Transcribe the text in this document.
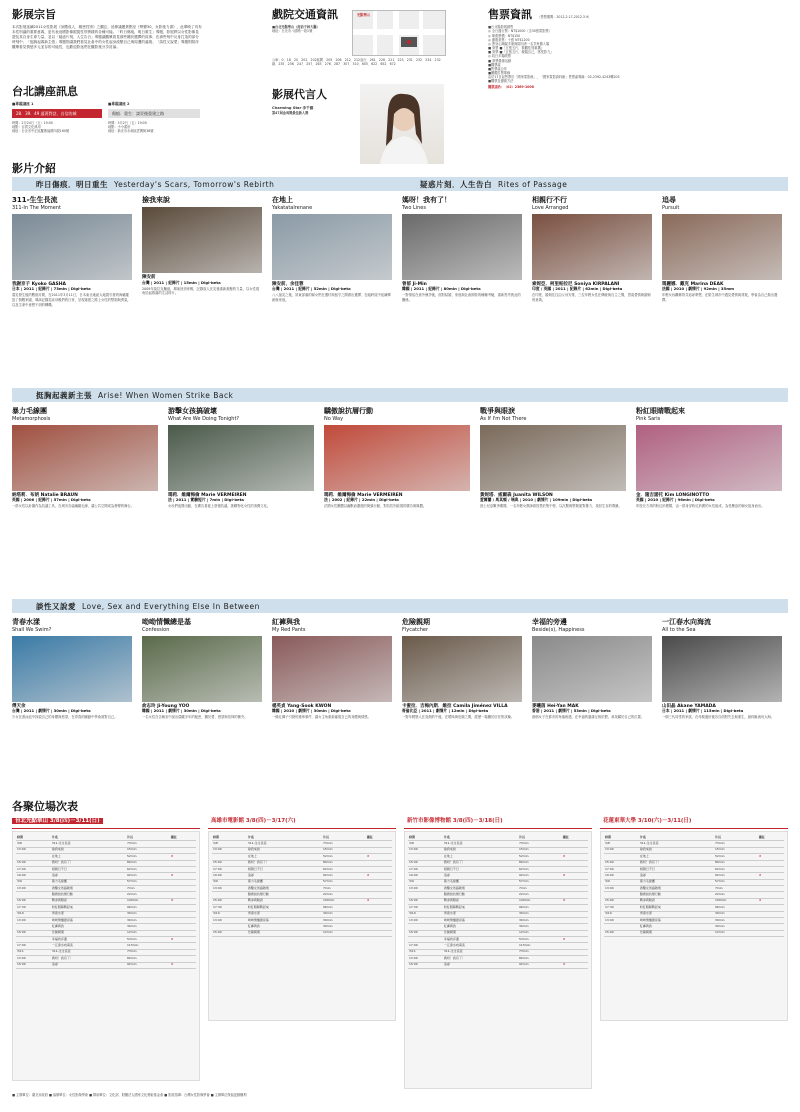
影展宗旨
本次影展延續2011女性影展《身體成人．親密性別》之觀注，延伸議題焦點至《勢變30，女影後力書》，此單映了具有本性別議的重要意義，更代表這國影像跟寬性別實踐的各種可能。「昨日傷痕，明日重生」專題，影展將以女性影像見證及其自身生命力量，並以「疑惑片刻，人生告白」專題讓觀眾看見那些關於選擇的故事；在那些刻中反身打造的部分時刻中；「挺胸起義新主張」專題則讓我們看見社會中的女性起身改變自己與周遭的處境；「談性又說愛」專題則陪伴觀眾看見情慾多元並存的可能性，也歡迎影迷們在觀影後分享討論。
台北講座訊息
■專題講座 1
28．39．49 逼著對話，自信的城
時間：2月24日（五）19:00
地點：百貨文化典用
地址：台北市中正區羅斯福路四段160號
■專題講座 2
傷痕．重生：談災後重建之路
時間：3月2日（五）19:00
地點：小小書房
地址：新北市永和區雲興街38號
戲院交通資訊
■台北光點華山（府前子林大廳）
地址：台北市八德路一段1號
光點華山
公車：0．18．20．202．202區間．205．206．212．212直行．261．226．221．223．231．232．234．232副．235．236．247．257．263．276．287．307．310．605．622．652．672
影展代言人
Charming Star 李千娜
第47屆金馬獎最佳新人獎
售票資訊 （售票期間：2012.2.17-2012.3.9）
■台北場影展銷售
◎ 全日通行票：NT$1000（含30張電影票）
◎ 單張票價：NT$150
◎ 優惠套票：十張 NT$1200
◎ 憑身心障礙手冊與陪同者一名享免費入場
■ 套票 ■『五張五片，微觀性別重構』
■ 套票 ■『五張五片，親臨自己，感受影力』
◎ 同日多場戲票
■ 套票優惠活動
■購票處
■售票處合作
■團體訂票專線
由於17日起售票於「國家電影館」，「國家電影資料館」售票處專線：02-2392-4243轉203
■購票及優惠方法
購票請洽：（02）2369-1006
影片介紹
昨日傷痕．明日重生 Yesterday's Scars, Tomorrow's Rebirth	疑惑片刻．人生告白 Rites of Passage
311-生生長流
311-In The Moment
我謝京子 Kyoko GASHA
日本 | 2011 | 紀錄片 | 73min | Digi-beta
震災發生後的數個月間，在2011年3月11日，日本東北地區大地震引發的海嘯摧毀了無數家園，導演記錄災區母親們的日常，呈現重建之路上女性的堅韌與勇氣，以及生命中意想不到的轉機。
撿我來說
陳安前
台灣 | 2011 | 紀錄片 | 15min | Digi-beta
2009年莫拉克颱風，導演回到家鄉，記錄族人在災後重新凝聚的力量，以女性視角拾起散落的生活碎片。
在地上
Yakatatalrenane
陳安前、余佳蓉
台灣 | 2011 | 紀錄片 | 52min | Digi-beta
八八風災之後，屏東部落的婦女們在遷村與留守之間做出選擇，在臨時屋中延續傳統與家庭。
媽呀！我有了！
Two Lines
曾郁 Ji-Min
韓國 | 2011 | 紀錄片 | 80min | Digi-beta
一對情侶在意外懷孕後，面對結婚、家庭與社會期待的種種考驗，重新思考彼此的關係。
相親行不行
Love Arranged
索妮亞．柯里帕拉尼 Soniya KIRPALANI
印度 / 英國 | 2011 | 紀錄片 | 62min | Digi-beta
在印度，婚姻往往由父母安排，三位年輕女性在傳統與自主之間，思索愛情與婚姻的意義。
追尋
Pursuit
瑪麗娜．戴克 Marina DEAK
法國 | 2010 | 劇情片 | 92min | 35mm
年輕女孩離鄉背井追尋夢想，在陌生城市中遇見愛情與背叛，學會為自己做出選擇。
挺胸起義新主張 Arise! When Women Strike Back
暴力毛線團
Metamorphosis
納塔莉．布朗 Natalie BRAUN
英國 | 2006 | 紀錄片 | 57min | Digi-beta
一群女性以針織作為抗議工具，在城市各處編織毛線，讓公共空間成為發聲的舞台。
游擊女孩搞破壞
What Are We Doing Tonight?
瑪莉．維爾梅倫 Marie VERMEIREN
法 | 2011 | 實驗短片 | 7min | Digi-beta
女孩們夜間出動，在廣告看板上塗鴉抗議，挑戰物化女性的消費文化。
驕傲說抗層行動
No Way
瑪莉．維爾梅倫 Marie VERMEIREN
法 | 2002 | 紀錄片 | 22min | Digi-beta
法國女性團體以幽默而激進的街頭行動，對抗性別歧視的廣告與媒體。
戰爭與眼淚
As If I'm Not There
黃妮塔．威爾森 Juanita WILSON
愛爾蘭 / 馬其頓 / 瑞典 | 2010 | 劇情片 | 109min | Digi-beta
波士尼亞戰爭期間，一名年輕女教師被囚禁於集中營，以沉默與堅韌面對暴力，找回生存的尊嚴。
粉紅眼睛戰起來
Pink Saris
金．隆吉諾托 Kim LONGINOTTO
英國 | 2010 | 紀錄片 | 96min | Digi-beta
印度北方邦的粉紅紗麗幫，由一群身穿粉紅紗麗的女性組成，為受壓迫的婦女挺身而出。
談性又說愛 Love, Sex and Everything Else In Between
青春水漾
Shall We Swim?
傅天余
台灣 | 2011 | 劇情片 | 30min | Digi-beta
少女在游泳池中探索自己的身體與慾望，在青春的躁動中學會面對自己。
呦呦情懺總是基
Confession
俞志玲 Ji-Young YOO
韓國 | 2011 | 劇情片 | 30min | Digi-beta
一名女性在告解室中說出隱藏多年的秘密，關於愛、慾望與信仰的衝突。
紅褲與我
My Red Pants
楊英貞 Yang-Sook KWON
韓國 | 2010 | 劇情片 | 30min | Digi-beta
一條紅褲子引發的連串事件，讓女主角重新審視自己的身體與情感。
危險親期
Flycatcher
卡蜜拉．吉梅內斯．維拉 Camila Jiménez VILLA
哥倫比亞 | 2011 | 劇情片 | 12min | Digi-beta
一對年輕戀人在炎熱的午後，在曖昧與危險之間，經歷一場關於信任的試煉。
幸福的旁邊
Beside(s), Happiness
麥曦茵 Hei-Yan MAK
香港 | 2011 | 劇情片 | 53min | Digi-beta
兩個女子在都市的角落相遇，在幸福的邊緣互相依偎，尋找屬於自己的位置。
一江春水向海流
All to the Sea
山田晶 Akane YAMADA
日本 | 2011 | 劇情片 | 115min | Digi-beta
一個三代同堂的家族，在母親過世後各自面對失去與重生，最終匯流向大海。
各聚位場次表
台北光點華山 3/8(四)－3/11(日)
時間	片名	片長	備註
3/8	311-生生長流	73min	
13:00	撿我來說	15min	
	在地上	52min	★
15:00	媽呀！我有了！	80min	
17:00	相親行不行	62min	
19:00	追尋	92min	★
3/9	暴力毛線團	57min	
13:00	游擊女孩搞破壞	7min	
	驕傲說抗層行動	22min	
15:00	戰爭與眼淚	109min	★
17:30	粉紅眼睛戰起來	96min	
3/10	青春水漾	30min	
13:00	呦呦情懺總是基	30min	
	紅褲與我	30min	
15:00	危險親期	12min	
	幸福的旁邊	53min	★
17:00	一江春水向海流	115min	
3/11	311-生生長流	73min	
13:00	媽呀！我有了！	80min	
15:00	追尋	92min	★
高雄市電影館 3/8(四)－3/17(六)
時間	片名	片長	備註
3/8	311-生生長流	73min	
13:00	撿我來說	15min	
	在地上	52min	★
15:00	媽呀！我有了！	80min	
17:00	相親行不行	62min	
19:00	追尋	92min	★
3/9	暴力毛線團	57min	
13:00	游擊女孩搞破壞	7min	
	驕傲說抗層行動	22min	
15:00	戰爭與眼淚	109min	★
17:30	粉紅眼睛戰起來	96min	
3/10	青春水漾	30min	
13:00	呦呦情懺總是基	30min	
	紅褲與我	30min	
15:00	危險親期	12min	
新竹市影像博物館 3/8(四)－3/18(日)
時間	片名	片長	備註
3/8	311-生生長流	73min	
13:00	撿我來說	15min	
	在地上	52min	★
15:00	媽呀！我有了！	80min	
17:00	相親行不行	62min	
19:00	追尋	92min	★
3/9	暴力毛線團	57min	
13:00	游擊女孩搞破壞	7min	
	驕傲說抗層行動	22min	
15:00	戰爭與眼淚	109min	★
17:30	粉紅眼睛戰起來	96min	
3/10	青春水漾	30min	
13:00	呦呦情懺總是基	30min	
	紅褲與我	30min	
15:00	危險親期	12min	
	幸福的旁邊	53min	★
17:00	一江春水向海流	115min	
3/11	311-生生長流	73min	
13:00	媽呀！我有了！	80min	
15:00	追尋	92min	★
花蓮東華大學 3/10(六)－3/11(日)
時間	片名	片長	備註
3/8	311-生生長流	73min	
13:00	撿我來說	15min	
	在地上	52min	★
15:00	媽呀！我有了！	80min	
17:00	相親行不行	62min	
19:00	追尋	92min	★
3/9	暴力毛線團	57min	
13:00	游擊女孩搞破壞	7min	
	驕傲說抗層行動	22min	
15:00	戰爭與眼淚	109min	★
17:30	粉紅眼睛戰起來	96min	
3/10	青春水漾	30min	
13:00	呦呦情懺總是基	30min	
	紅褲與我	30min	
15:00	危險親期	12min	
■ 主辦單位：臺北市政府 ■ 協辦單位：女性影像學會 ■ 贊助單位：文化部、財團法人國家文化藝術基金會 ■ 影展指導：台灣女性影像學會 ■ 主辦單位保留更動權利
